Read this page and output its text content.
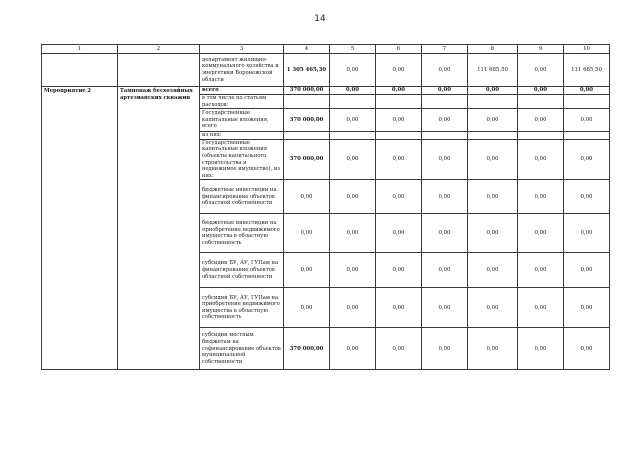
14
1	2	3	4	5	6	7	8	9	10
		департамент жилищно-коммунального хозяйства и энергетики Воронежской области	1 305 465,30	0,00	0,00	0,00	111 685,50	0,00	111 685,50
Мероприятие 2	Тампонаж бесхозяйных артезианских скважин	всего	370 000,00	0,00	0,00	0,00	0,00	0,00	0,00
		в том числе по статьям расходов:							
		Государственные капитальные вложения, всего	370 000,00	0,00	0,00	0,00	0,00	0,00	0,00
		из них:							
		Государственные капитальные вложения (объекты капитального строительства и недвижимое имущество), из них:	370 000,00	0,00	0,00	0,00	0,00	0,00	0,00
		бюджетные инвестиции на финансирование объектов областной собственности	0,00	0,00	0,00	0,00	0,00	0,00	0,00
		бюджетные инвестиции на приобретение недвижимого имущества в областную собственность	0,00	0,00	0,00	0,00	0,00	0,00	0,00
		субсидии БУ, АУ, ГУПам на финансирование объектов областной собственности	0,00	0,00	0,00	0,00	0,00	0,00	0,00
		субсидии БУ, АУ, ГУПам на приобретение недвижимого имущества в областную собственность	0,00	0,00	0,00	0,00	0,00	0,00	0,00
		субсидии местным бюджетам на софинансирование объектов муниципальной собственности	370 000,00	0,00	0,00	0,00	0,00	0,00	0,00
